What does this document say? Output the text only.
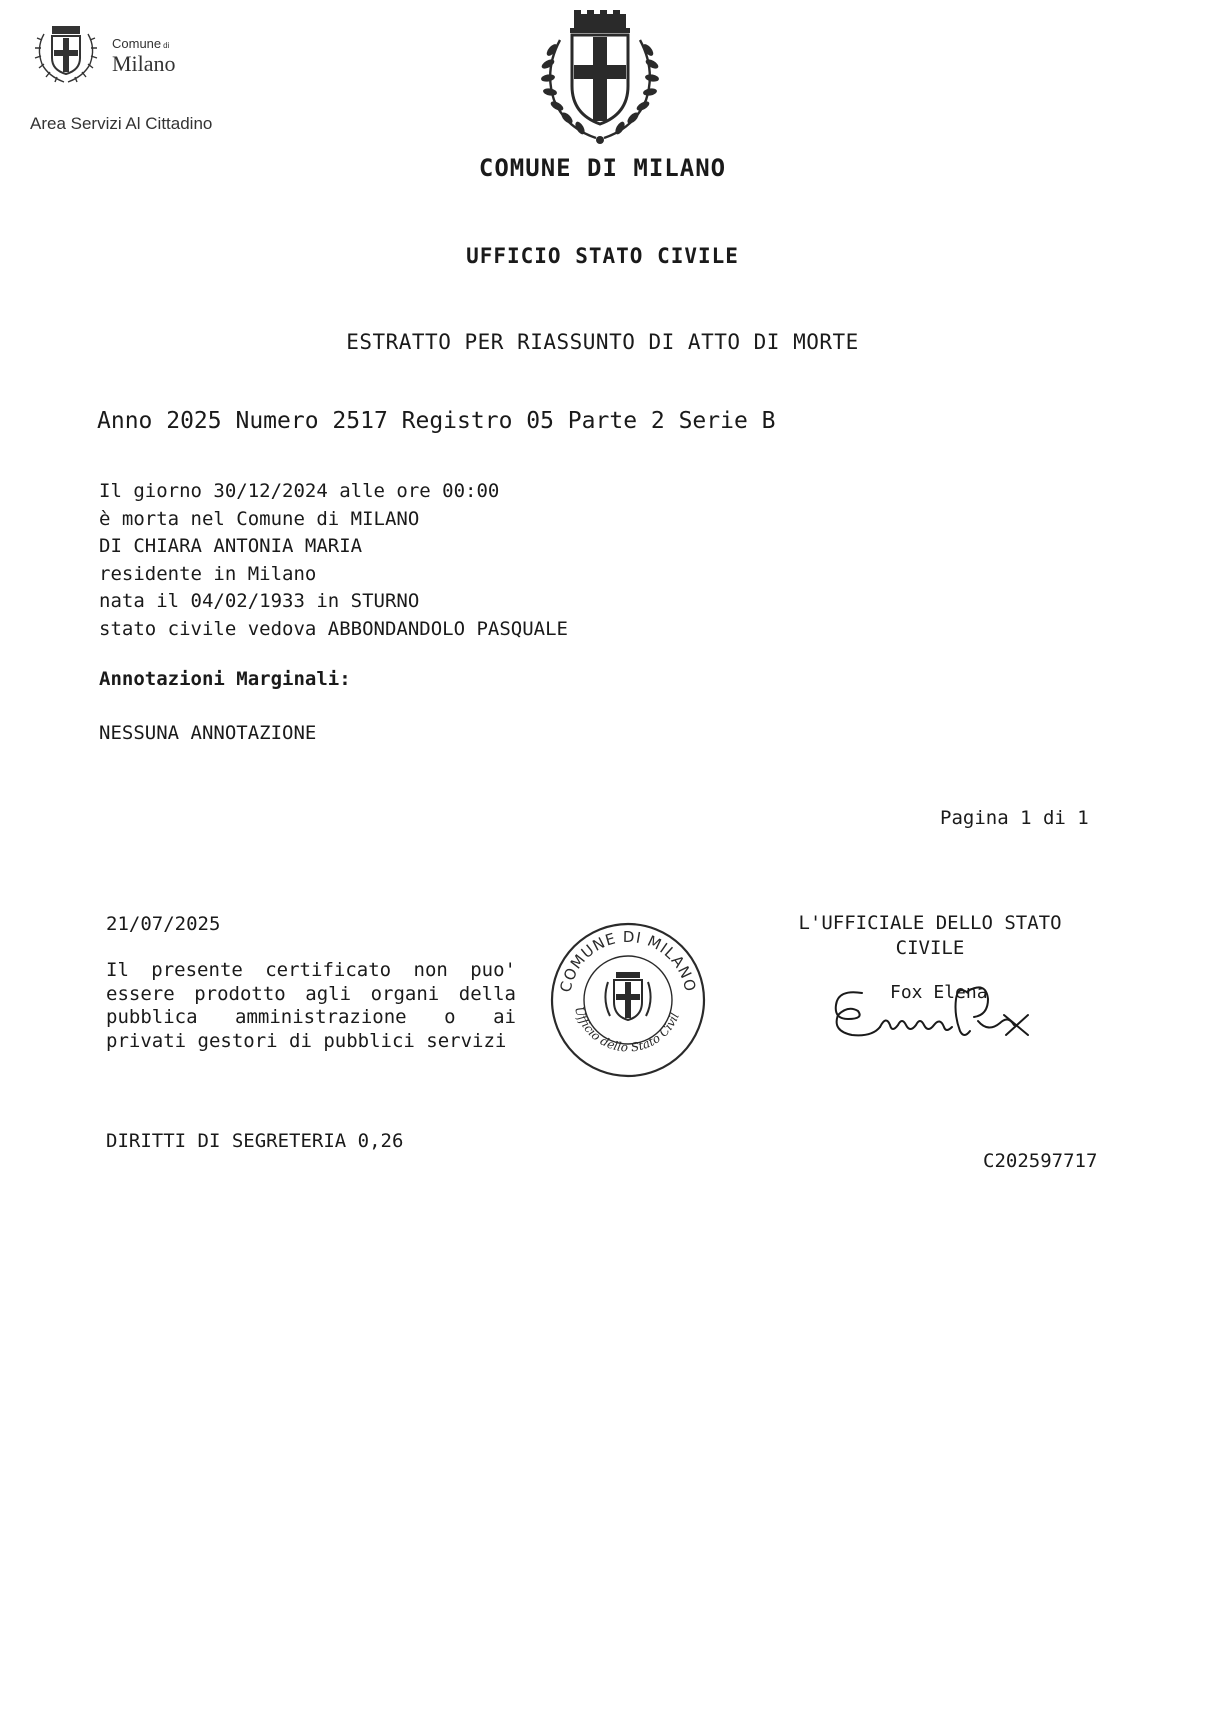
Comune di
Milano
Area Servizi Al Cittadino
COMUNE DI MILANO
UFFICIO STATO CIVILE
ESTRATTO PER RIASSUNTO DI ATTO DI MORTE
Anno 2025 Numero 2517 Registro 05 Parte 2 Serie B
Il giorno 30/12/2024 alle ore 00:00
è morta nel Comune di MILANO
DI CHIARA ANTONIA MARIA
residente in Milano
nata il 04/02/1933 in STURNO
stato civile vedova ABBONDANDOLO PASQUALE
Annotazioni Marginali:
NESSUNA ANNOTAZIONE
Pagina 1 di 1
21/07/2025
Il presente certificato non puo' essere prodotto agli organi della pubblica amministrazione o ai privati gestori di pubblici servizi
COMUNE DI MILANO
Ufficio dello Stato Civil
L'UFFICIALE DELLO STATO CIVILE
Fox Elena
DIRITTI DI SEGRETERIA 0,26
C202597717
